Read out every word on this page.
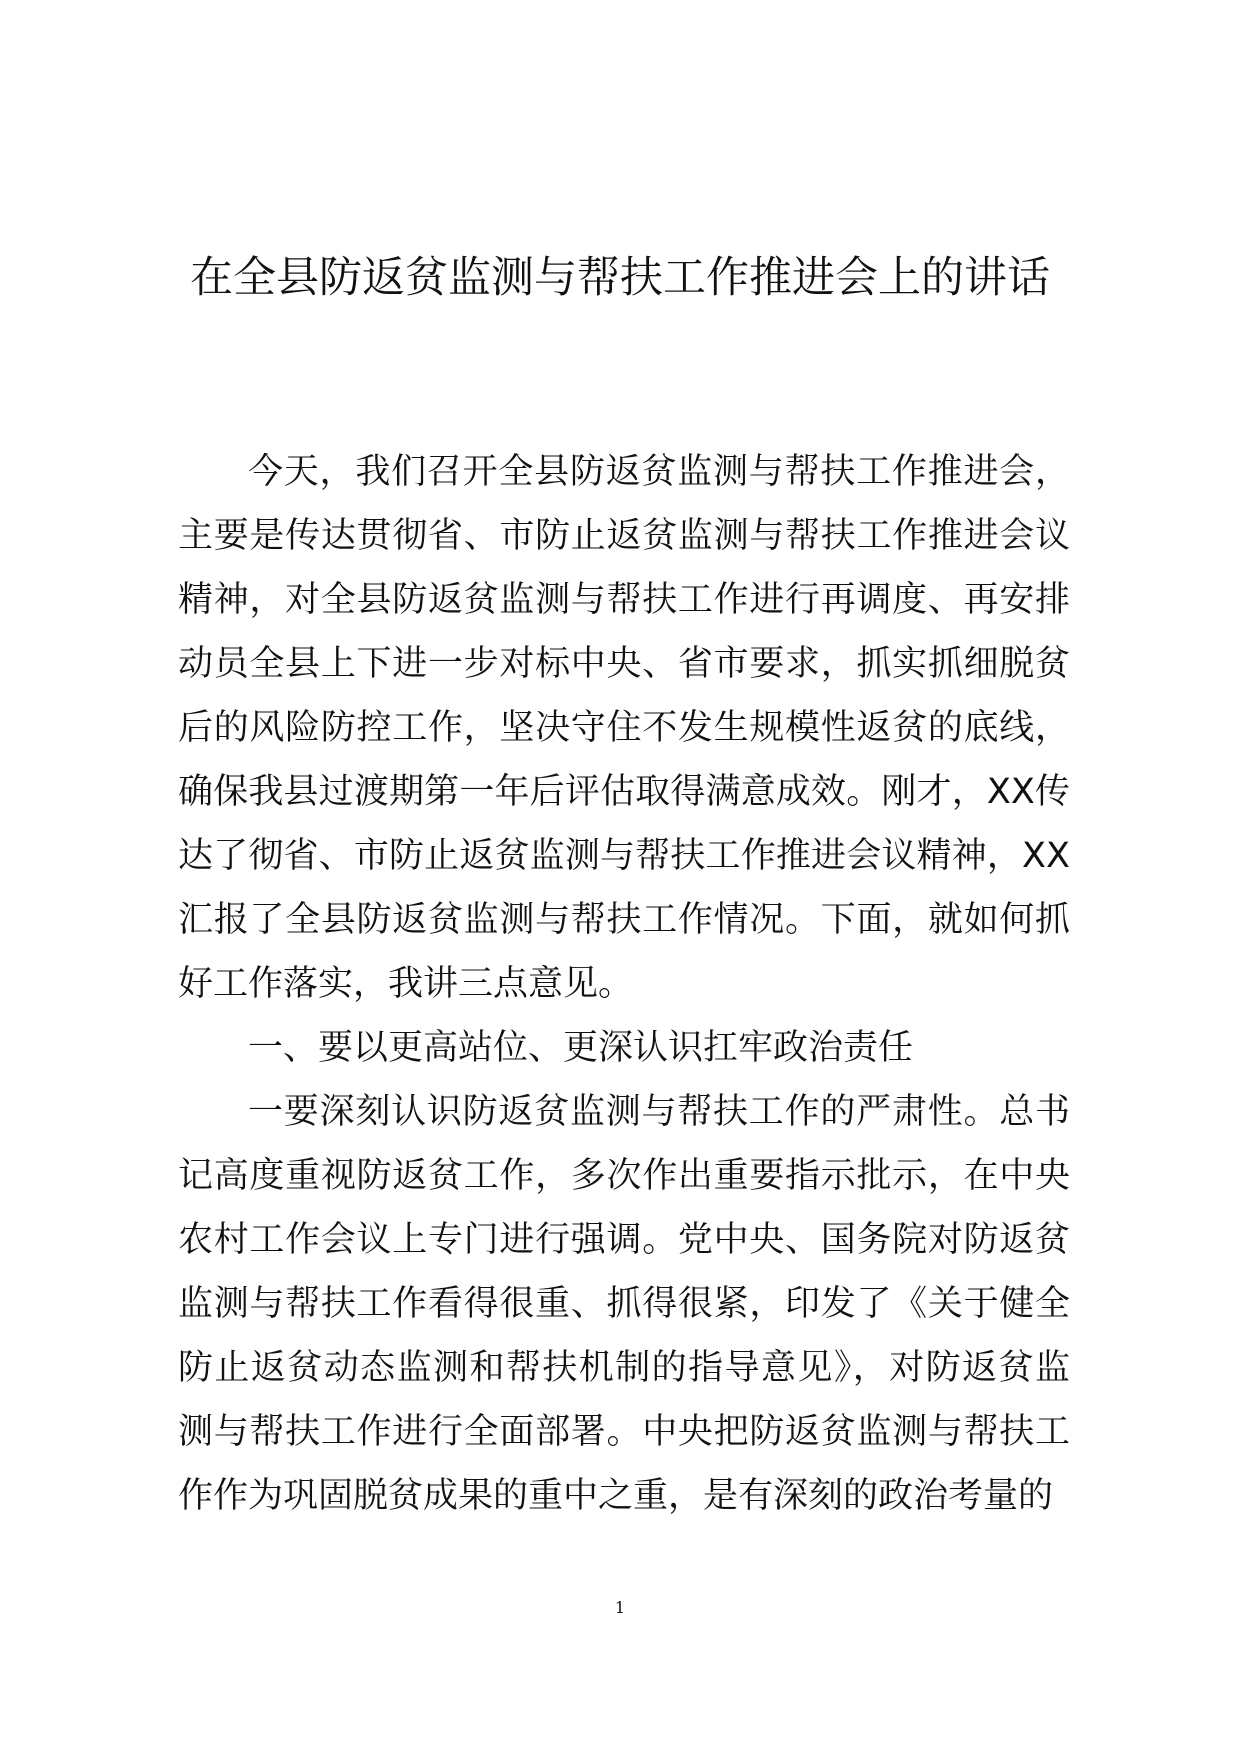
在全县防返贫监测与帮扶工作推进会上的讲话

今天，我们召开全县防返贫监测与帮扶工作推进会，主要是传达贯彻省、市防止返贫监测与帮扶工作推进会议精神，对全县防返贫监测与帮扶工作进行再调度、再安排动员全县上下进一步对标中央、省市要求，抓实抓细脱贫后的风险防控工作，坚决守住不发生规模性返贫的底线，确保我县过渡期第一年后评估取得满意成效。刚才，XX传达了彻省、市防止返贫监测与帮扶工作推进会议精神，XX汇报了全县防返贫监测与帮扶工作情况。下面，就如何抓好工作落实，我讲三点意见。

一、要以更高站位、更深认识扛牢政治责任

一要深刻认识防返贫监测与帮扶工作的严肃性。总书记高度重视防返贫工作，多次作出重要指示批示，在中央农村工作会议上专门进行强调。党中央、国务院对防返贫监测与帮扶工作看得很重、抓得很紧，印发了《关于健全防止返贫动态监测和帮扶机制的指导意见》，对防返贫监测与帮扶工作进行全面部署。中央把防返贫监测与帮扶工作作为巩固脱贫成果的重中之重，是有深刻的政治考量的

1
